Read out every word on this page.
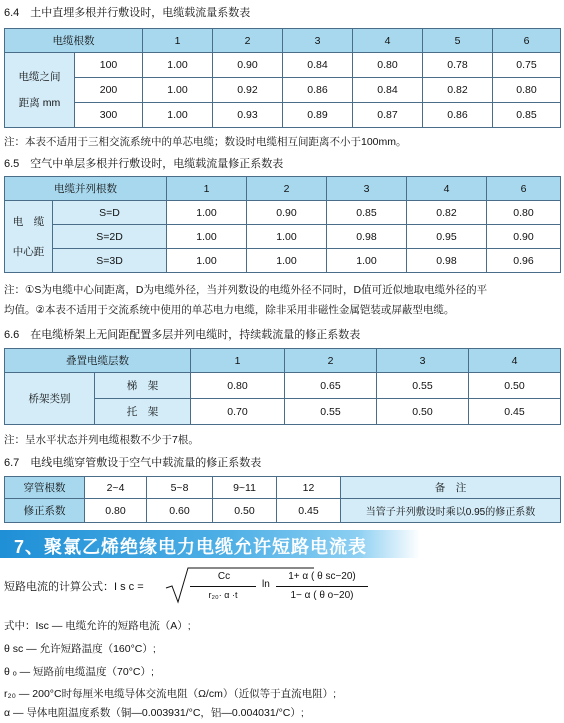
6.4　土中直埋多根并行敷设时，电缆载流量系数表
电缆根数	1	2	3	4	5	6
电缆之间
距离 mm	100	1.00	0.90	0.84	0.80	0.78	0.75
	200	1.00	0.92	0.86	0.84	0.82	0.80
	300	1.00	0.93	0.89	0.87	0.86	0.85
注：本表不适用于三相交流系统中的单芯电缆；数设时电缆相互间距离不小于100mm。
6.5　空气中单层多根并行敷设时，电缆载流量修正系数表
电缆并列根数		1	2	3	4	6
电　缆
中心距	S=D	1.00	0.90	0.85	0.82	0.80
	S=2D	1.00	1.00	0.98	0.95	0.90
	S=3D	1.00	1.00	1.00	0.98	0.96
注：①S为电缆中心间距离，D为电缆外径，当并列数设的电缆外径不同时，D值可近似地取电缆外径的平
均值。②本表不适用于交流系统中使用的单芯电力电缆，除非采用非磁性金属铠装或屏蔽型电缆。
6.6　在电缆桥架上无间距配置多层并列电缆时，持续载流量的修正系数表
叠置电缆层数		1	2	3	4
桥架类别	梯　架	0.80	0.65	0.55	0.50
	托　架	0.70	0.55	0.50	0.45
注：呈水平状态并列电缆根数不少于7根。
6.7　电线电缆穿管敷设于空气中载流量的修正系数表
穿管根数	2~4	5~8	9~11	12	备　注
修正系数	0.80	0.60	0.50	0.45	当管子并列敷设时乘以0.95的修正系数
7、聚氯乙烯绝缘电力电缆允许短路电流表
短路电流的计算公式：I s c =
Cc
r₂₀· α ·t
ln
1+ α ( θ sc−20)
1− α ( θ o−20)
式中：Isc — 电缆允许的短路电流（A）;
θ sc — 允许短路温度（160°C）;
θ ₒ — 短路前电缆温度（70°C）;
r₂₀ — 200°C时每厘米电缆导体交流电阻（Ω/cm）（近似等于直流电阻）;
α — 导体电阻温度系数（铜—0.003931/°C，铝—0.004031/°C）;
